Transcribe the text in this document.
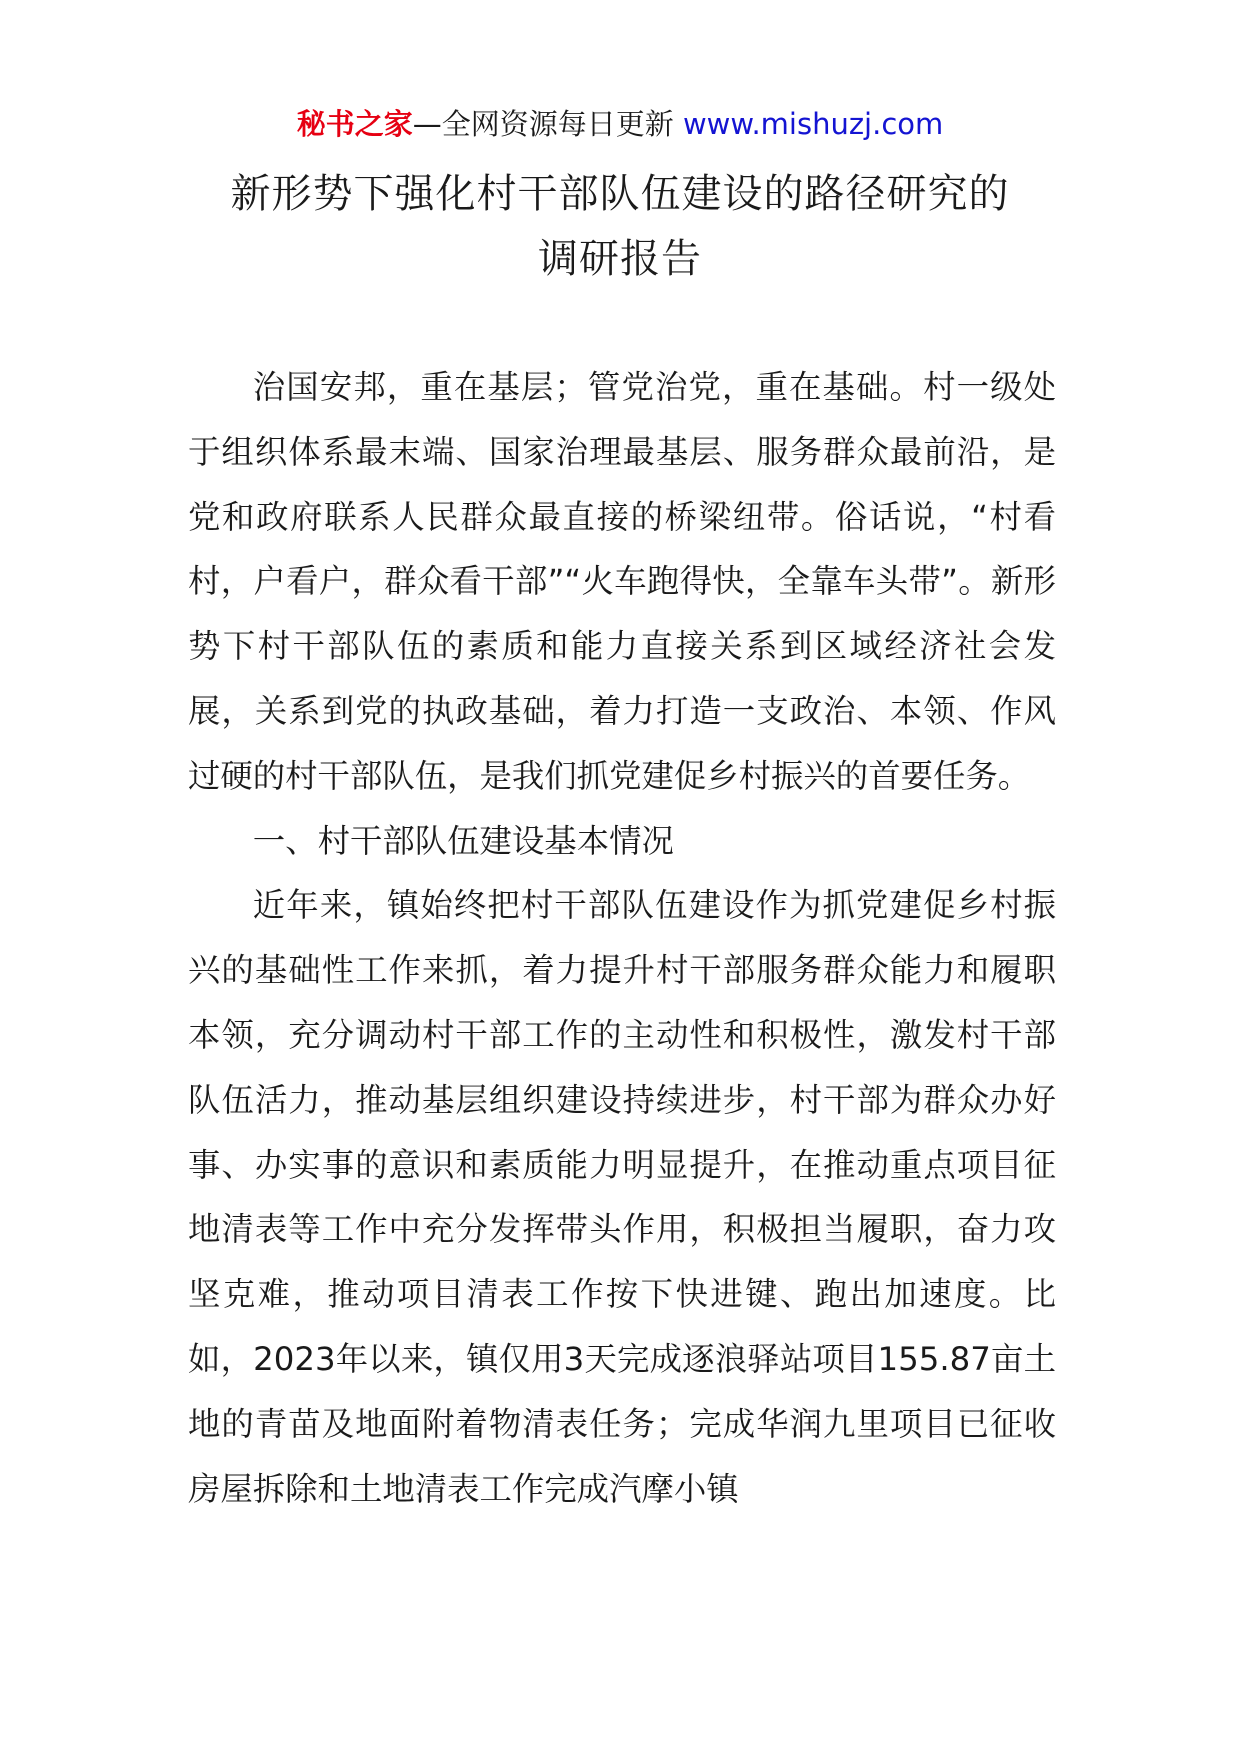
秘书之家—全网资源每日更新 www.mishuzj.com
新形势下强化村干部队伍建设的路径研究的
调研报告

治国安邦，重在基层；管党治党，重在基础。村一级处于组织体系最末端、国家治理最基层、服务群众最前沿，是党和政府联系人民群众最直接的桥梁纽带。俗话说，“村看村，户看户，群众看干部”“火车跑得快，全靠车头带”。新形势下村干部队伍的素质和能力直接关系到区域经济社会发展，关系到党的执政基础，着力打造一支政治、本领、作风过硬的村干部队伍，是我们抓党建促乡村振兴的首要任务。

一、村干部队伍建设基本情况

近年来，镇始终把村干部队伍建设作为抓党建促乡村振兴的基础性工作来抓，着力提升村干部服务群众能力和履职本领，充分调动村干部工作的主动性和积极性，激发村干部队伍活力，推动基层组织建设持续进步，村干部为群众办好事、办实事的意识和素质能力明显提升，在推动重点项目征地清表等工作中充分发挥带头作用，积极担当履职，奋力攻坚克难，推动项目清表工作按下快进键、跑出加速度。比如，2023年以来，镇仅用3天完成逐浪驿站项目155.87亩土地的青苗及地面附着物清表任务；完成华润九里项目已征收房屋拆除和土地清表工作完成汽摩小镇
